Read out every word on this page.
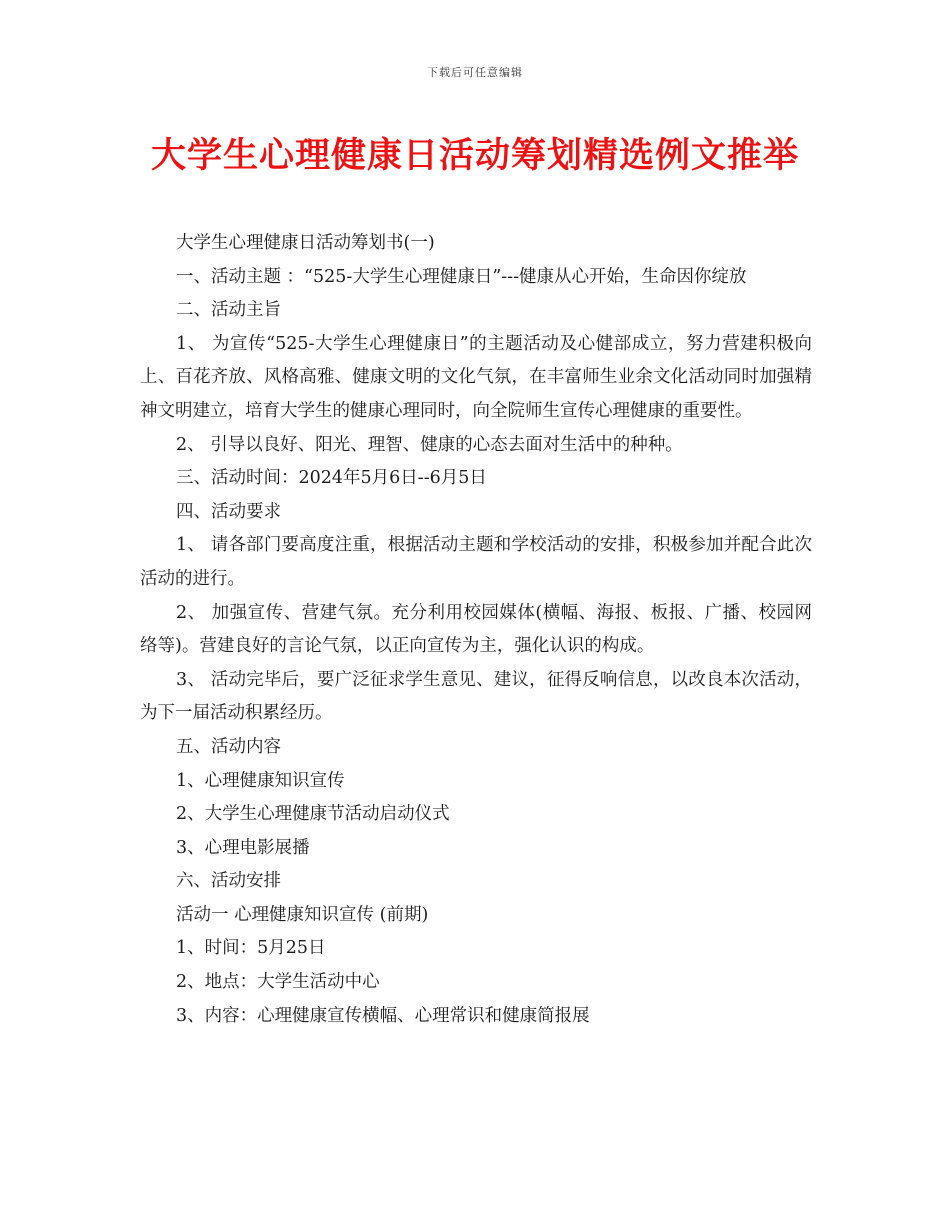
下载后可任意编辑
大学生心理健康日活动筹划精选例文推举

大学生心理健康日活动筹划书(一)

一、活动主题 ：“525-大学生心理健康日”---健康从心开始，生命因你绽放

二、活动主旨

1、 为宣传“525-大学生心理健康日”的主题活动及心健部成立，努力营建积极向上、百花齐放、风格高雅、健康文明的文化气氛，在丰富师生业余文化活动同时加强精神文明建立，培育大学生的健康心理同时，向全院师生宣传心理健康的重要性。

2、 引导以良好、阳光、理智、健康的心态去面对生活中的种种。

三、活动时间：2024年5月6日--6月5日

四、活动要求

1、 请各部门要高度注重，根据活动主题和学校活动的安排，积极参加并配合此次活动的进行。

2、 加强宣传、营建气氛。充分利用校园媒体(横幅、海报、板报、广播、校园网络等)。营建良好的言论气氛，以正向宣传为主，强化认识的构成。

3、 活动完毕后，要广泛征求学生意见、建议，征得反响信息，以改良本次活动，为下一届活动积累经历。

五、活动内容

1、心理健康知识宣传

2、大学生心理健康节活动启动仪式

3、心理电影展播

六、活动安排

活动一 心理健康知识宣传 (前期)

1、时间：5月25日

2、地点：大学生活动中心

3、内容：心理健康宣传横幅、心理常识和健康简报展
